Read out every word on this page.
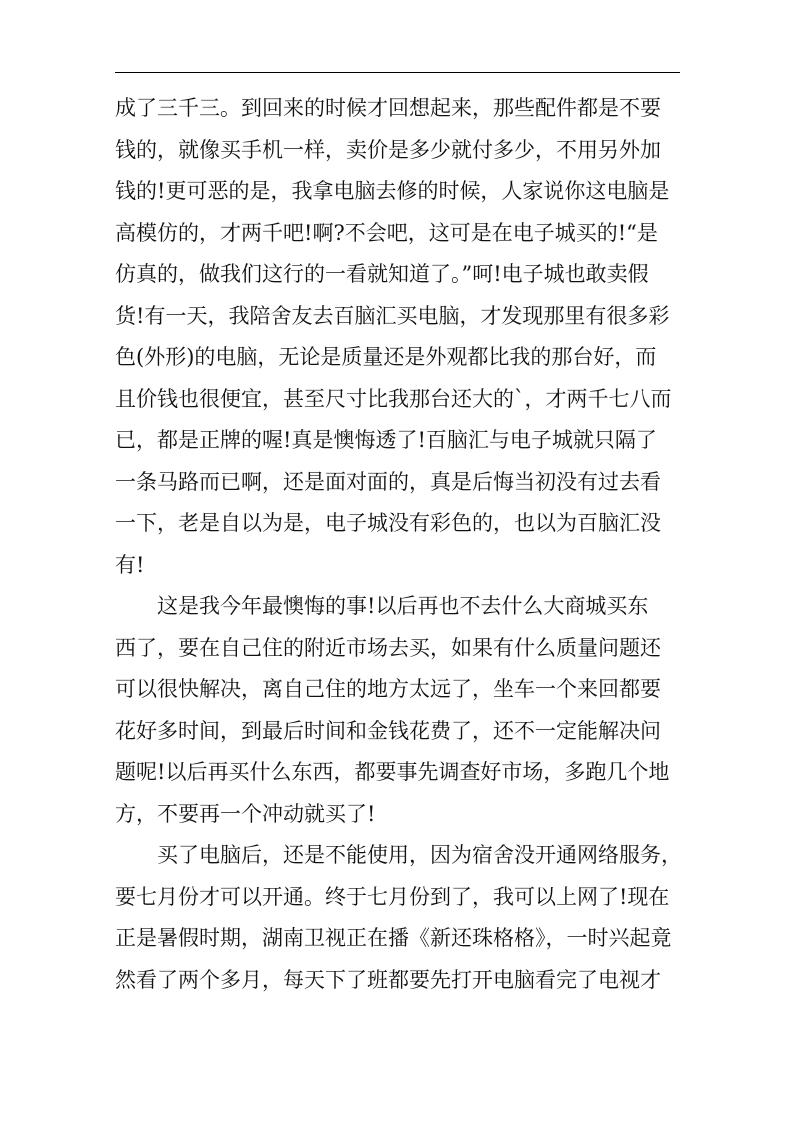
成了三千三。到回来的时候才回想起来，那些配件都是不要
钱的，就像买手机一样，卖价是多少就付多少，不用另外加
钱的!更可恶的是，我拿电脑去修的时候，人家说你这电脑是
高模仿的，才两千吧!啊?不会吧，这可是在电子城买的!“是
仿真的，做我们这行的一看就知道了。”呵!电子城也敢卖假
货!有一天，我陪舍友去百脑汇买电脑，才发现那里有很多彩
色(外形)的电脑，无论是质量还是外观都比我的那台好，而
且价钱也很便宜，甚至尺寸比我那台还大的`，才两千七八而
已，都是正牌的喔!真是懊悔透了!百脑汇与电子城就只隔了
一条马路而已啊，还是面对面的，真是后悔当初没有过去看
一下，老是自以为是，电子城没有彩色的，也以为百脑汇没
有!
这是我今年最懊悔的事!以后再也不去什么大商城买东
西了，要在自己住的附近市场去买，如果有什么质量问题还
可以很快解决，离自己住的地方太远了，坐车一个来回都要
花好多时间，到最后时间和金钱花费了，还不一定能解决问
题呢!以后再买什么东西，都要事先调查好市场，多跑几个地
方，不要再一个冲动就买了!
买了电脑后，还是不能使用，因为宿舍没开通网络服务，
要七月份才可以开通。终于七月份到了，我可以上网了!现在
正是暑假时期，湖南卫视正在播《新还珠格格》，一时兴起竟
然看了两个多月，每天下了班都要先打开电脑看完了电视才
